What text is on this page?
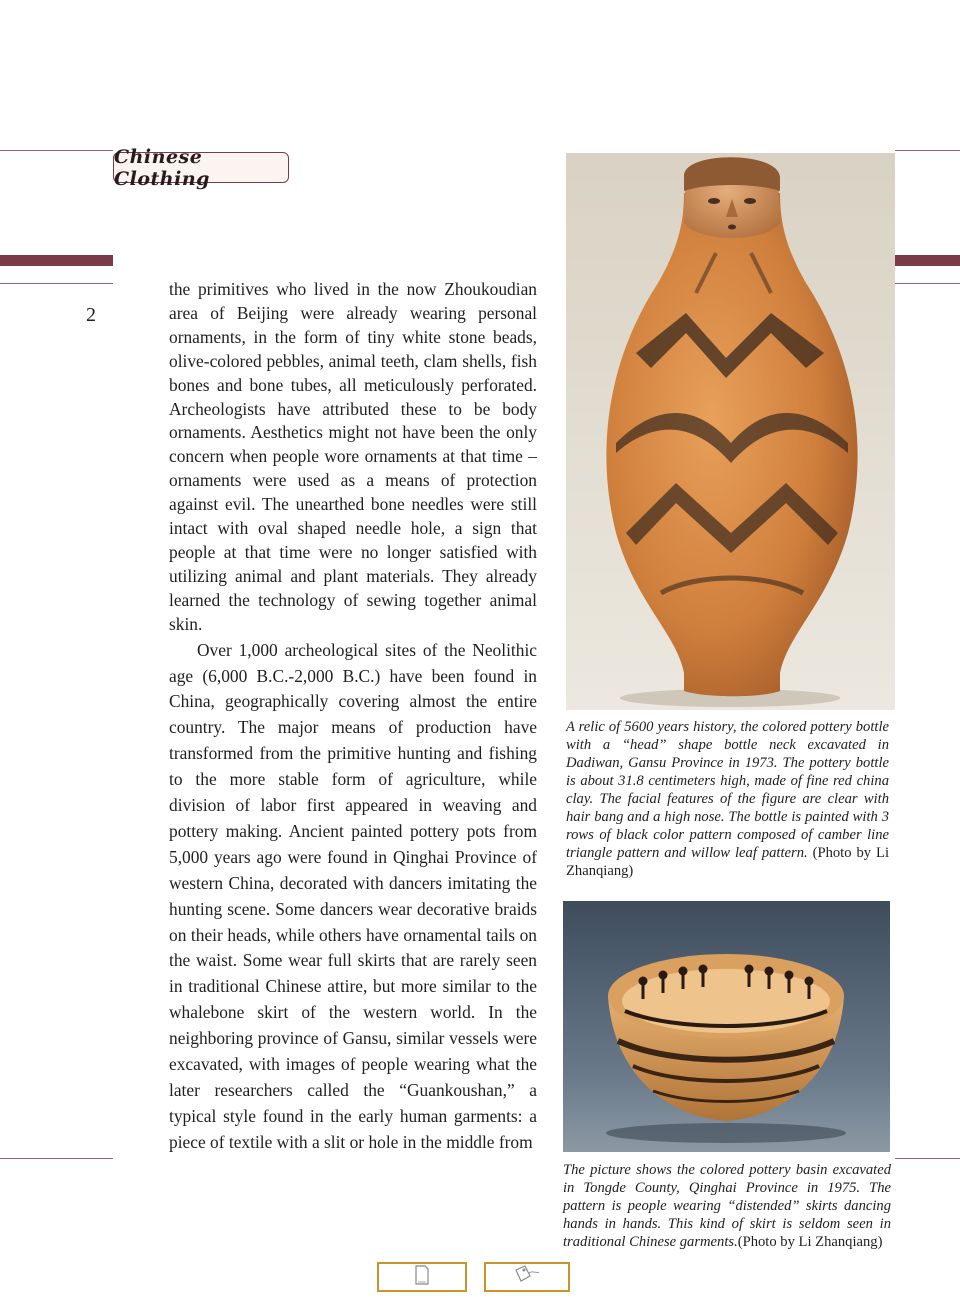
Chinese Clothing
2

the primitives who lived in the now Zhoukoudian area of Beijing were already wearing personal ornaments, in the form of tiny white stone beads, olive-colored pebbles, animal teeth, clam shells, fish bones and bone tubes, all meticulously perforated. Archeologists have attributed these to be body ornaments. Aesthetics might not have been the only concern when people wore ornaments at that time – ornaments were used as a means of protection against evil. The unearthed bone needles were still intact with oval shaped needle hole, a sign that people at that time were no longer satisfied with utilizing animal and plant materials. They already learned the technology of sewing together animal skin.

Over 1,000 archeological sites of the Neolithic age (6,000 B.C.-2,000 B.C.) have been found in China, geographically covering almost the entire country. The major means of production have transformed from the primitive hunting and fishing to the more stable form of agriculture, while division of labor first appeared in weaving and pottery making. Ancient painted pottery pots from 5,000 years ago were found in Qinghai Province of western China, decorated with dancers imitating the hunting scene. Some dancers wear decorative braids on their heads, while others have ornamental tails on the waist. Some wear full skirts that are rarely seen in traditional Chinese attire, but more similar to the whalebone skirt of the western world. In the neighboring province of Gansu, similar vessels were excavated, with images of people wearing what the later researchers called the “Guankoushan,” a typical style found in the early human garments: a piece of textile with a slit or hole in the middle from

A relic of 5600 years history, the colored pottery bottle with a “head” shape bottle neck excavated in Dadiwan, Gansu Province in 1973. The pottery bottle is about 31.8 centimeters high, made of fine red china clay. The facial features of the figure are clear with hair bang and a high nose. The bottle is painted with 3 rows of black color pattern composed of camber line triangle pattern and willow leaf pattern. (Photo by Li Zhanqiang)
The picture shows the colored pottery basin excavated in Tongde County, Qinghai Province in 1975. The pattern is people wearing “distended” skirts dancing hands in hands. This kind of skirt is seldom seen in traditional Chinese garments.(Photo by Li Zhanqiang)
